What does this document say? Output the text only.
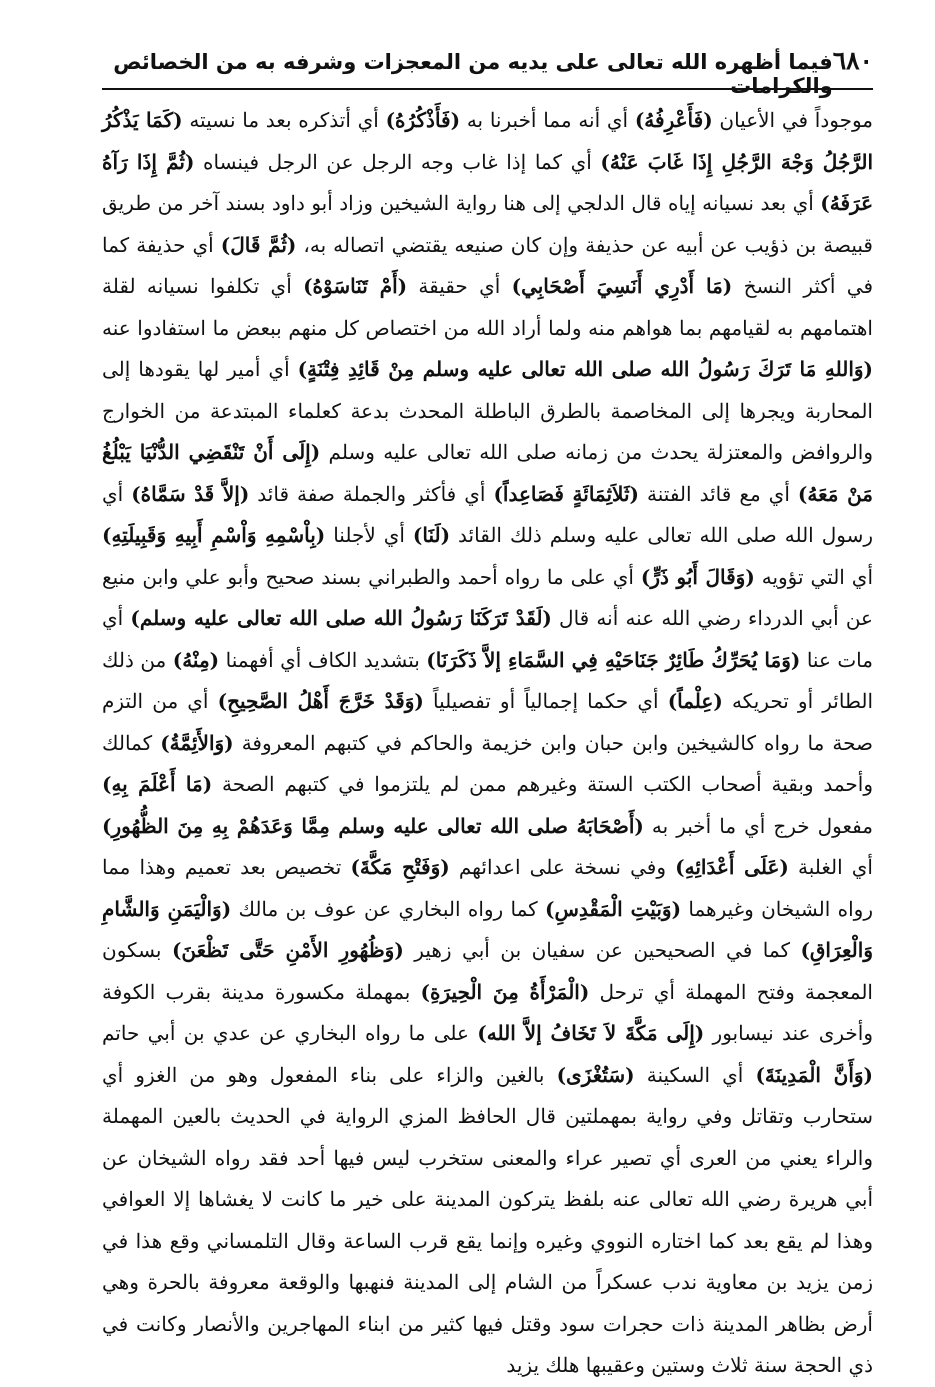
٦٨٠
فيما أظهره الله تعالى على يديه من المعجزات وشرفه به من الخصائص والكرامات
موجوداً في الأعيان (فَأَعْرِفُهُ) أي أنه مما أخبرنا به (فَأَذْكُرُهُ) أي أتذكره بعد ما نسيته (كَمَا يَذْكُرُ الرَّجُلُ وَجْهَ الرَّجُلِ إِذَا غَابَ عَنْهُ) أي كما إذا غاب وجه الرجل عن الرجل فينساه (ثُمَّ إِذَا رَآهُ عَرَفَهُ) أي بعد نسيانه إياه قال الدلجي إلى هنا رواية الشيخين وزاد أبو داود بسند آخر من طريق قبيصة بن ذؤيب عن أبيه عن حذيفة وإن كان صنيعه يقتضي اتصاله به، (ثُمَّ قَالَ) أي حذيفة كما في أكثر النسخ (مَا أَدْرِي أَنَسِيَ أَصْحَابِي) أي حقيقة (أَمْ تَنَاسَوْهُ) أي تكلفوا نسيانه لقلة اهتمامهم به لقيامهم بما هواهم منه ولما أراد الله من اختصاص كل منهم ببعض ما استفادوا عنه (وَاللهِ مَا تَرَكَ رَسُولُ الله صلى الله تعالى عليه وسلم مِنْ قَائِدِ فِتْنَةٍ) أي أمير لها يقودها إلى المحاربة ويجرها إلى المخاصمة بالطرق الباطلة المحدث بدعة كعلماء المبتدعة من الخوارج والروافض والمعتزلة يحدث من زمانه صلى الله تعالى عليه وسلم (إِلَى أَنْ تَنْقَضِي الدُّنْيَا يَبْلُغُ مَنْ مَعَهُ) أي مع قائد الفتنة (ثَلاَثِمَائَةٍ فَصَاعِداً) أي فأكثر والجملة صفة قائد (إلاَّ قَدْ سَمَّاهُ) أي رسول الله صلى الله تعالى عليه وسلم ذلك القائد (لَنَا) أي لأجلنا (بِاْسْمِهِ وَاْسْمِ أَبِيهِ وَقَبِيلَتِهِ) أي التي تؤويه (وَقَالَ أَبُو ذَرٍّ) أي على ما رواه أحمد والطبراني بسند صحيح وأبو علي وابن منيع عن أبي الدرداء رضي الله عنه أنه قال (لَقَدْ تَرَكَنَا رَسُولُ الله صلى الله تعالى عليه وسلم) أي مات عنا (وَمَا يُحَرِّكُ طَائِرٌ جَنَاحَيْهِ فِي السَّمَاءِ إلاَّ ذَكَرَنَا) بتشديد الكاف أي أفهمنا (مِنْهُ) من ذلك الطائر أو تحريكه (عِلْماً) أي حكما إجمالياً أو تفصيلياً (وَقَدْ خَرَّجَ أَهْلُ الصَّحِيحِ) أي من التزم صحة ما رواه كالشيخين وابن حبان وابن خزيمة والحاكم في كتبهم المعروفة (وَالأَئِمَّةُ) كمالك وأحمد وبقية أصحاب الكتب الستة وغيرهم ممن لم يلتزموا في كتبهم الصحة (مَا أَعْلَمَ بِهِ) مفعول خرج أي ما أخبر به (أَصْحَابَهُ صلى الله تعالى عليه وسلم مِمَّا وَعَدَهُمْ بِهِ مِنَ الظُّهُورِ) أي الغلبة (عَلَى أَعْدَائِهِ) وفي نسخة على اعدائهم (وَفَتْحِ مَكَّةَ) تخصيص بعد تعميم وهذا مما رواه الشيخان وغيرهما (وَبَيْتِ الْمَقْدِسِ) كما رواه البخاري عن عوف بن مالك (وَالْيَمَنِ وَالشَّامِ وَالْعِرَاقِ) كما في الصحيحين عن سفيان بن أبي زهير (وَظُهُورِ الأَمْنِ حَتَّى تَظْعَنَ) بسكون المعجمة وفتح المهملة أي ترحل (الْمَرْأَةُ مِنَ الْحِيرَةِ) بمهملة مكسورة مدينة بقرب الكوفة وأخرى عند نيسابور (إِلَى مَكَّةَ لاَ تَخَافُ إلاَّ الله) على ما رواه البخاري عن عدي بن أبي حاتم (وَأَنَّ الْمَدِينَةَ) أي السكينة (سَتُغْزَى) بالغين والزاء على بناء المفعول وهو من الغزو أي ستحارب وتقاتل وفي رواية بمهملتين قال الحافظ المزي الرواية في الحديث بالعين المهملة والراء يعني من العرى أي تصير عراء والمعنى ستخرب ليس فيها أحد فقد رواه الشيخان عن أبي هريرة رضي الله تعالى عنه بلفظ يتركون المدينة على خير ما كانت لا يغشاها إلا العوافي وهذا لم يقع بعد كما اختاره النووي وغيره وإنما يقع قرب الساعة وقال التلمساني وقع هذا في زمن يزيد بن معاوية ندب عسكراً من الشام إلى المدينة فنهبها والوقعة معروفة بالحرة وهي أرض بظاهر المدينة ذات حجرات سود وقتل فيها كثير من ابناء المهاجرين والأنصار وكانت في ذي الحجة سنة ثلاث وستين وعقيبها هلك يزيد
